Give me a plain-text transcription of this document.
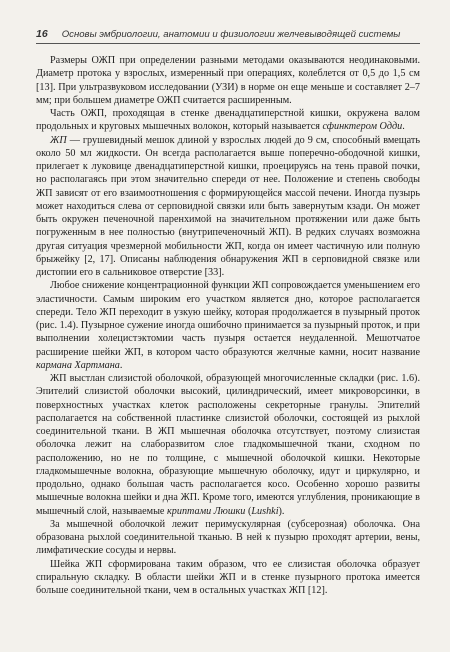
16 Основы эмбриологии, анатомии и физиологии желчевыводящей системы

Размеры ОЖП при определении разными методами оказываются неодинаковыми. Диаметр протока у взрослых, измеренный при операциях, колеблется от 0,5 до 1,5 см [13]. При ультразвуковом исследовании (УЗИ) в норме он еще меньше и составляет 2–7 мм; при большем диаметре ОЖП считается расширенным.

Часть ОЖП, проходящая в стенке двенадцатиперстной кишки, окружена валом продольных и круговых мышечных волокон, который называется сфинктером Одди.

ЖП — грушевидный мешок длиной у взрослых людей до 9 см, способный вмещать около 50 мл жидкости. Он всегда располагается выше поперечно-ободочной кишки, прилегает к луковице двенадцатиперстной кишки, проецируясь на тень правой почки, но располагаясь при этом значительно спереди от нее. Положение и степень свободы ЖП зависят от его взаимоотношения с формирующейся массой печени. Иногда пузырь может находиться слева от серповидной связки или быть завернутым кзади. Он может быть окружен печеночной паренхимой на значительном протяжении или даже быть погруженным в нее полностью (внутрипеченочный ЖП). В редких случаях возможна другая ситуация чрезмерной мобильности ЖП, когда он имеет частичную или полную брыжейку [2, 17]. Описаны наблюдения обнаружения ЖП в серповидной связке или дистопии его в сальниковое отверстие [33].

Любое снижение концентрационной функции ЖП сопровождается уменьшением его эластичности. Самым широким его участком является дно, которое располагается спереди. Тело ЖП переходит в узкую шейку, которая продолжается в пузырный проток (рис. 1.4). Пузырное сужение иногда ошибочно принимается за пузырный проток, и при выполнении холецистэктомии часть пузыря остается неудаленной. Мешотчатое расширение шейки ЖП, в котором часто образуются желчные камни, носит название кармана Хартмана.

ЖП выстлан слизистой оболочкой, образующей многочисленные складки (рис. 1.6). Эпителий слизистой оболочки высокий, цилиндрический, имеет микроворсинки, в поверхностных участках клеток расположены секреторные гранулы. Эпителий располагается на собственной пластинке слизистой оболочки, состоящей из рыхлой соединительной ткани. В ЖП мышечная оболочка отсутствует, поэтому слизистая оболочка лежит на слаборазвитом слое гладкомышечной ткани, сходном по расположению, но не по толщине, с мышечной оболочкой кишки. Некоторые гладкомышечные волокна, образующие мышечную оболочку, идут и циркулярно, и продольно, однако большая часть располагается косо. Особенно хорошо развиты мышечные волокна шейки и дна ЖП. Кроме того, имеются углубления, проникающие в мышечный слой, называемые криптами Люшки (Lushki).

За мышечной оболочкой лежит перимускулярная (субсерозная) оболочка. Она образована рыхлой соединительной тканью. В ней к пузырю проходят артерии, вены, лимфатические сосуды и нервы.

Шейка ЖП сформирована таким образом, что ее слизистая оболочка образует спиральную складку. В области шейки ЖП и в стенке пузырного протока имеется больше соединительной ткани, чем в остальных участках ЖП [12].
